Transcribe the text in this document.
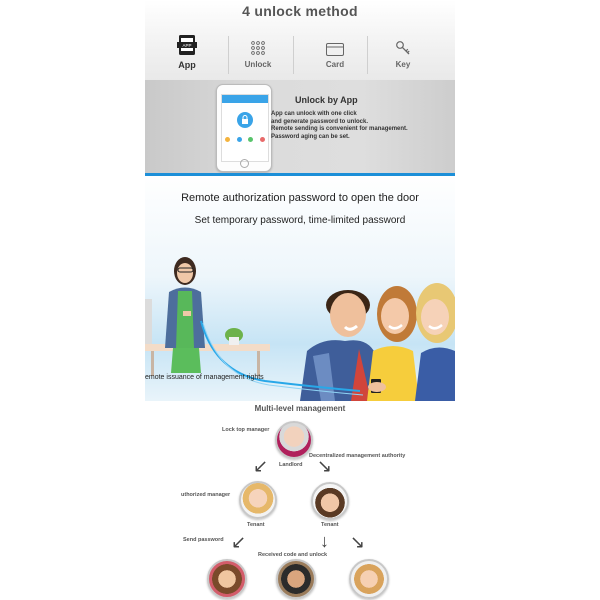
4 unlock method
APP
App	Unlock	Card	Key
Unlock by App
App can unlock with one click
and generate password to unlock.
Remote sending is convenient for management.
Password aging can be set.
Remote authorization password to open the door
Set temporary password, time-limited password
emote issuance of management rights
Multi-level management
Lock top manager
Landlord
Decentralized management authority
↙	↘
uthorized manager
Tenant	Tenant
Send password ↙	↓ ↘
Received code and unlock
